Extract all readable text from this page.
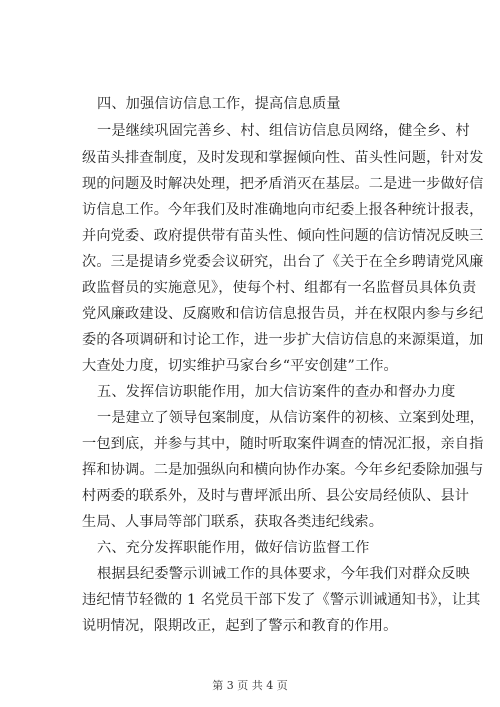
四、加强信访信息工作，提高信息质量
一是继续巩固完善乡、村、组信访信息员网络，健全乡、村
级苗头排查制度，及时发现和掌握倾向性、苗头性问题，针对发
现的问题及时解决处理，把矛盾消灭在基层。二是进一步做好信
访信息工作。今年我们及时准确地向市纪委上报各种统计报表，
并向党委、政府提供带有苗头性、倾向性问题的信访情况反映三
次。三是提请乡党委会议研究，出台了《关于在全乡聘请党风廉
政监督员的实施意见》，使每个村、组都有一名监督员具体负责
党风廉政建设、反腐败和信访信息报告员，并在权限内参与乡纪
委的各项调研和讨论工作，进一步扩大信访信息的来源渠道，加
大查处力度，切实维护马家台乡“平安创建”工作。
五、发挥信访职能作用，加大信访案件的查办和督办力度
一是建立了领导包案制度，从信访案件的初核、立案到处理，
一包到底，并参与其中，随时听取案件调查的情况汇报，亲自指
挥和协调。二是加强纵向和横向协作办案。今年乡纪委除加强与
村两委的联系外，及时与曹坪派出所、县公安局经侦队、县计
生局、人事局等部门联系，获取各类违纪线索。
六、充分发挥职能作用，做好信访监督工作
根据县纪委警示训诫工作的具体要求，今年我们对群众反映
违纪情节轻微的 1 名党员干部下发了《警示训诫通知书》，让其
说明情况，限期改正，起到了警示和教育的作用。
第 3 页 共 4 页
